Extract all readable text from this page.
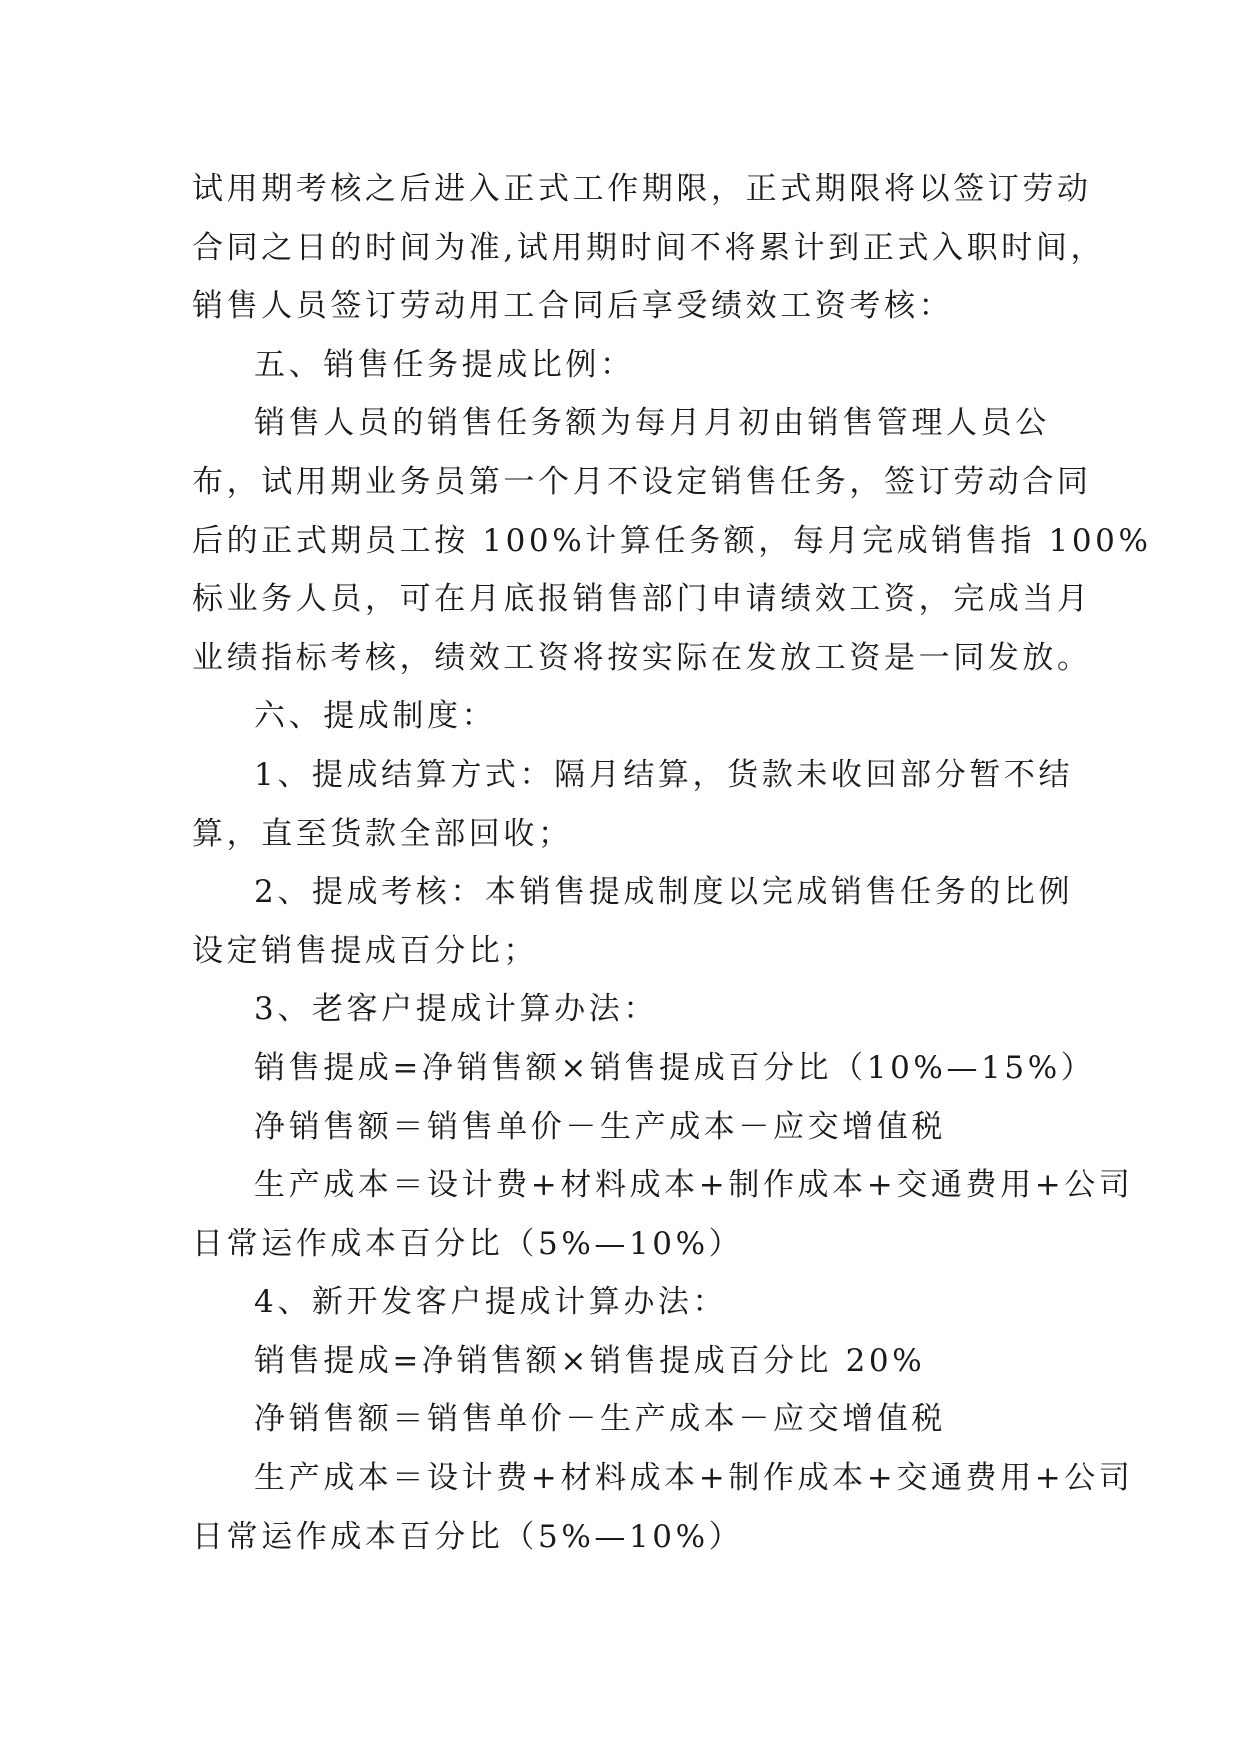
试用期考核之后进入正式工作期限，正式期限将以签订劳动
合同之日的时间为准,试用期时间不将累计到正式入职时间，
销售人员签订劳动用工合同后享受绩效工资考核：
五、销售任务提成比例：
销售人员的销售任务额为每月月初由销售管理人员公
布，试用期业务员第一个月不设定销售任务，签订劳动合同
后的正式期员工按 100%计算任务额，每月完成销售指 100%
标业务人员，可在月底报销售部门申请绩效工资，完成当月
业绩指标考核，绩效工资将按实际在发放工资是一同发放。
六、提成制度：
1、提成结算方式：隔月结算，货款未收回部分暂不结
算，直至货款全部回收；
2、提成考核：本销售提成制度以完成销售任务的比例
设定销售提成百分比；
3、老客户提成计算办法：
销售提成=净销售额×销售提成百分比（10%—15%）
净销售额＝销售单价－生产成本－应交增值税
生产成本＝设计费+材料成本+制作成本+交通费用+公司
日常运作成本百分比（5%—10%）
4、新开发客户提成计算办法：
销售提成=净销售额×销售提成百分比 20%
净销售额＝销售单价－生产成本－应交增值税
生产成本＝设计费+材料成本+制作成本+交通费用+公司
日常运作成本百分比（5%—10%）
